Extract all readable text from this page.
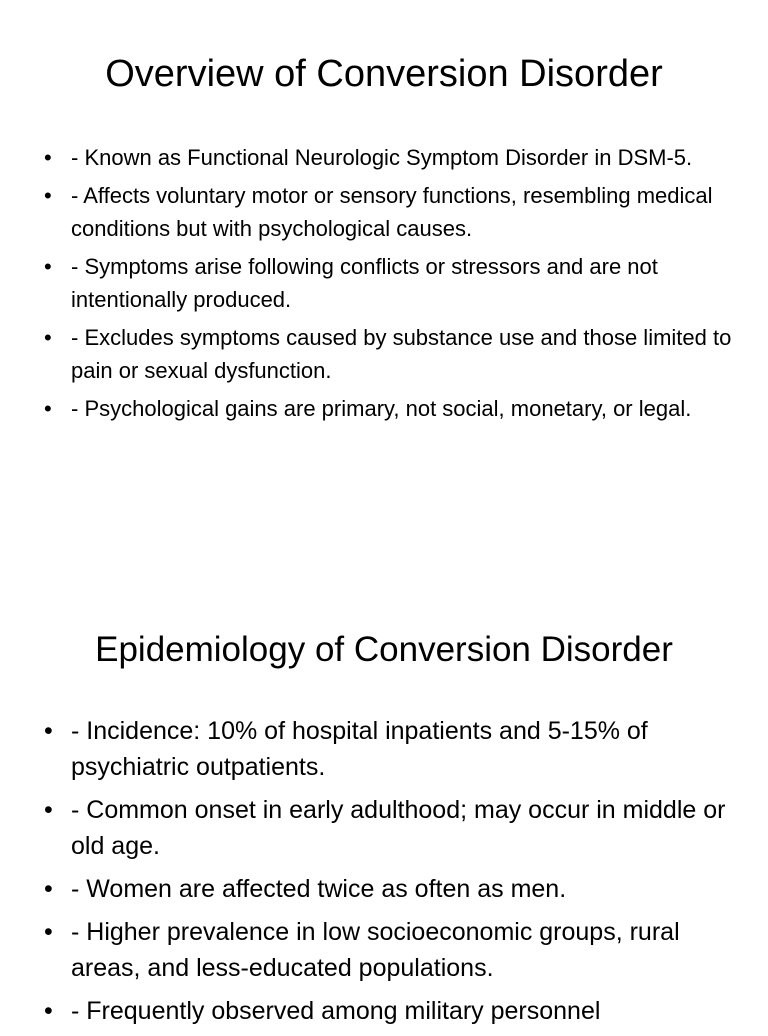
Overview of Conversion Disorder
• - Known as Functional Neurologic Symptom Disorder in DSM-5.
• - Affects voluntary motor or sensory functions, resembling medical conditions but with psychological causes.
• - Symptoms arise following conflicts or stressors and are not intentionally produced.
• - Excludes symptoms caused by substance use and those limited to pain or sexual dysfunction.
• - Psychological gains are primary, not social, monetary, or legal.
Epidemiology of Conversion Disorder
• - Incidence: 10% of hospital inpatients and 5-15% of psychiatric outpatients.
• - Common onset in early adulthood; may occur in middle or old age.
• - Women are affected twice as often as men.
• - Higher prevalence in low socioeconomic groups, rural areas, and less-educated populations.
• - Frequently observed among military personnel
